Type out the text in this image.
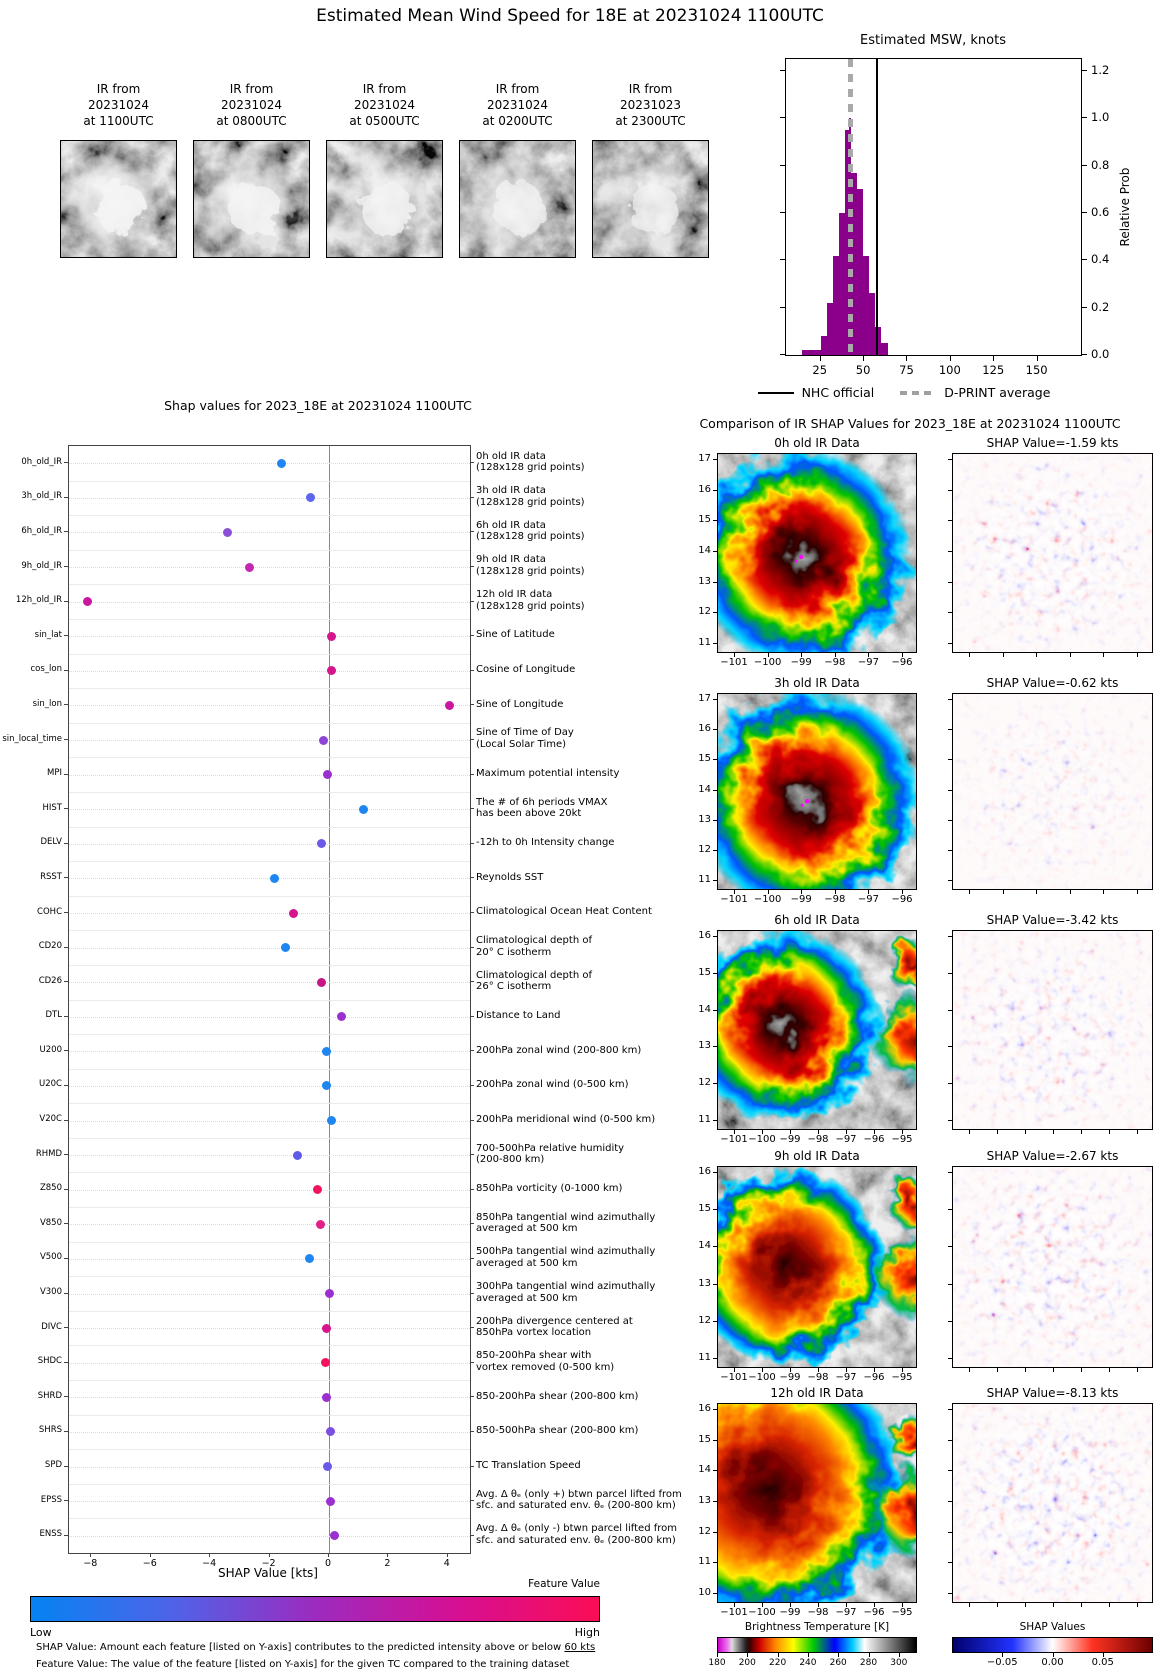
Estimated Mean Wind Speed for 18E at 20231024 1100UTC
IR from
20231024
at 1100UTC
IR from
20231024
at 0800UTC
IR from
20231024
at 0500UTC
IR from
20231024
at 0200UTC
IR from
20231023
at 2300UTC
Estimated MSW, knots
Relative Prob
NHC official	D-PRINT average
Shap values for 2023_18E at 20231024 1100UTC
SHAP Value [kts]
Feature Value
Low	High
SHAP Value: Amount each feature [listed on Y-axis] contributes to the predicted intensity above or below 60 kts
Feature Value: The value of the feature [listed on Y-axis] for the given TC compared to the training dataset
Comparison of IR SHAP Values for 2023_18E at 20231024 1100UTC
0h old IR Data	SHAP Value=-1.59 kts
17
16
15
14
13
12
11
−101 −100 −99	−98	−97	−96
3h old IR Data	SHAP Value=-0.62 kts
17
16
15
14
13
12
11
−101 −100 −99	−98	−97	−96
6h old IR Data	SHAP Value=-3.42 kts
16
15
14
13
12
11
−101 −100 −99 −98 −97 −96 −95
9h old IR Data	SHAP Value=-2.67 kts
16
15
14
13
12
11
−101 −100 −99 −98 −97 −96 −95
12h old IR Data	SHAP Value=-8.13 kts
16
15
14
13
12
11
10
−101 −100 −99 −98 −97 −96 −95
Brightness Temperature [K]
180	200	220	240	260	280	300
SHAP Values
−0.05	0.00	0.05
25	50	75	100	125	150
0.0
0.2
0.4
0.6
0.8
1.0
1.2
0h_old_IR
0h old IR data
(128x128 grid points)
3h_old_IR
3h old IR data
(128x128 grid points)
6h_old_IR
6h old IR data
(128x128 grid points)
9h_old_IR
9h old IR data
(128x128 grid points)
12h_old_IR
12h old IR data
(128x128 grid points)
sin_lat	Sine of Latitude
cos_lon	Cosine of Longitude
sin_lon	Sine of Longitude
sin_local_time
Sine of Time of Day
(Local Solar Time)
MPI	Maximum potential intensity
HIST
The # of 6h periods VMAX
has been above 20kt
DELV	-12h to 0h Intensity change
RSST	Reynolds SST
COHC	Climatological Ocean Heat Content
CD20
Climatological depth of
20° C isotherm
CD26
Climatological depth of
26° C isotherm
DTL	Distance to Land
U200	200hPa zonal wind (200-800 km)
U20C	200hPa zonal wind (0-500 km)
V20C	200hPa meridional wind (0-500 km)
RHMD
700-500hPa relative humidity
(200-800 km)
Z850	850hPa vorticity (0-1000 km)
V850
850hPa tangential wind azimuthally
averaged at 500 km
V500
500hPa tangential wind azimuthally
averaged at 500 km
V300
300hPa tangential wind azimuthally
averaged at 500 km
DIVC
200hPa divergence centered at
850hPa vortex location
SHDC
850-200hPa shear with
vortex removed (0-500 km)
SHRD	850-200hPa shear (200-800 km)
SHRS	850-500hPa shear (200-800 km)
SPD	TC Translation Speed
EPSS
Avg. Δ θₑ (only +) btwn parcel lifted from
sfc. and saturated env. θₑ (200-800 km)
ENSS
Avg. Δ θₑ (only -) btwn parcel lifted from
sfc. and saturated env. θₑ (200-800 km)
−8	−6	−4	−2	0	2	4
